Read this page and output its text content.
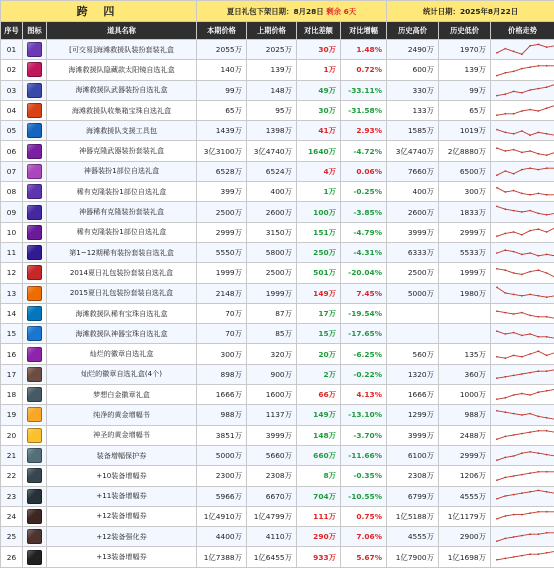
跨 四			夏日礼包下架日期：8月28日 剩余 6天				统计日期：2025年8月22日		
序号	图标	道具名称	本期价格	上期价格	对比差额	对比增幅	历史高价	历史低价	价格走势
01		[可交易]海滩救援队装扮套装礼盒	2055万	2025万	30万	1.48%	2490万	1970万	

02		海滩救援队隐藏款太阳镜自选礼盒	140万	139万	1万	0.72%	600万	139万	

03		海滩救援队武器装扮自选礼盒	99万	148万	49万	-33.11%	330万	99万	

04		海滩救援队收集箱宝珠自选礼盒	65万	95万	30万	-31.58%	133万	65万	

05		海滩救援队支援工具包	1439万	1398万	41万	2.93%	1585万	1019万	

06		神器克隆武器装扮套装礼盒	3亿3100万	3亿4740万	1640万	-4.72%	3亿4740万	2亿8880万	

07		神器装扮1部位自选礼盒	6528万	6524万	4万	0.06%	7660万	6500万	

08		稀有克隆装扮1部位自选礼盒	399万	400万	1万	-0.25%	400万	300万	

09		神器稀有克隆装扮套装礼盒	2500万	2600万	100万	-3.85%	2600万	1833万	

10		稀有克隆装扮1部位自选礼盒	2999万	3150万	151万	-4.79%	3999万	2999万	

11		第1~12期稀有装扮套装自选礼盒	5550万	5800万	250万	-4.31%	6333万	5533万	

12		2014夏日礼包装扮套装自选礼盒	1999万	2500万	501万	-20.04%	2500万	1999万	

13		2015夏日礼包装扮套装自选礼盒	2148万	1999万	149万	7.45%	5000万	1980万	

14		海滩救援队稀有宝珠自选礼盒	70万	87万	17万	-19.54%			

15		海滩救援队神器宝珠自选礼盒	70万	85万	15万	-17.65%			

16		灿烂的徽章自选礼盒	300万	320万	20万	-6.25%	560万	135万	

17		灿烂的徽章自选礼盒(4个)	898万	900万	2万	-0.22%	1320万	360万	

18		梦想白金徽章礼盒	1666万	1600万	66万	4.13%	1666万	1000万	

19		纯净的黄金增幅书	988万	1137万	149万	-13.10%	1299万	988万	

20		神圣的黄金增幅书	3851万	3999万	148万	-3.70%	3999万	2488万	

21		装备增幅保护券	5000万	5660万	660万	-11.66%	6100万	2999万	

22		+10装备增幅券	2300万	2308万	8万	-0.35%	2308万	1206万	

23		+11装备增幅券	5966万	6670万	704万	-10.55%	6799万	4555万	

24		+12装备增幅券	1亿4910万	1亿4799万	111万	0.75%	1亿5188万	1亿1179万	

25		+12装备强化券	4400万	4110万	290万	7.06%	4555万	2900万	

26		+13装备增幅券	1亿7388万	1亿6455万	933万	5.67%	1亿7900万	1亿1698万	
